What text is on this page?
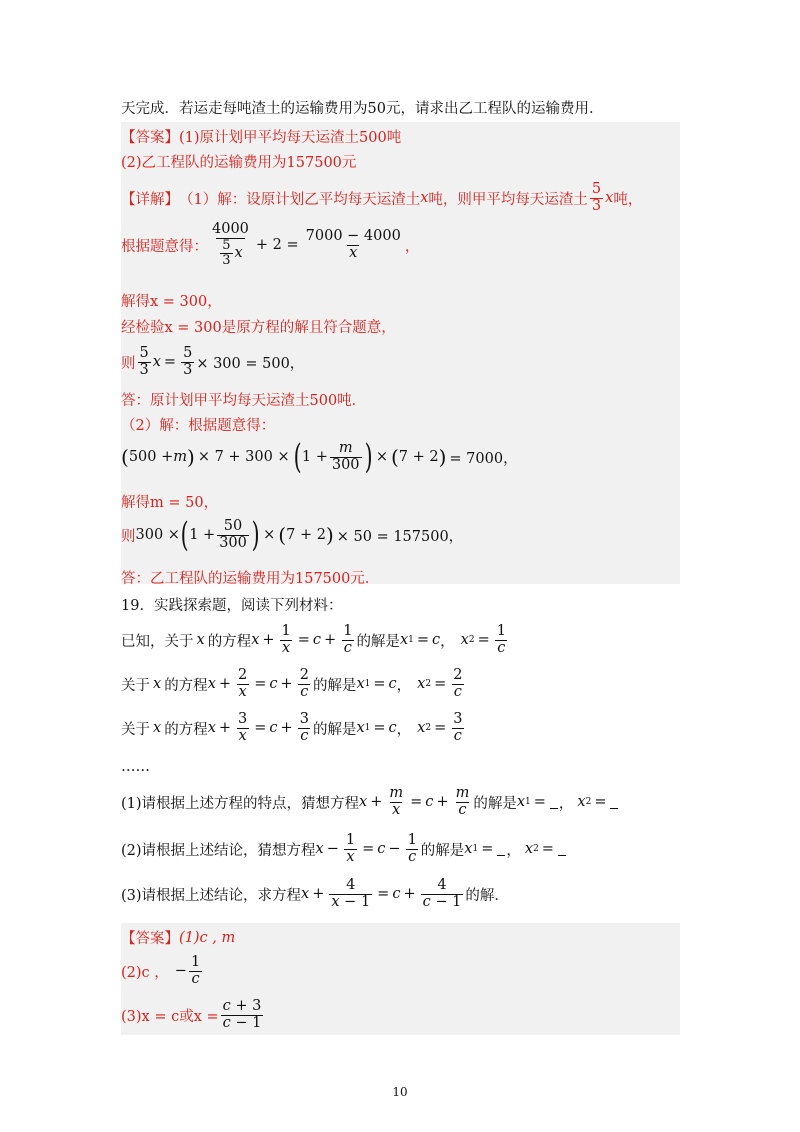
天完成．若运走每吨渣土的运输费用为50元，请求出乙工程队的运输费用．
【答案】 (1)原计划甲平均每天运渣土500吨
(2)乙工程队的运输费用为157500元
【详解】 （1）解：设原计划乙平均每天运渣土 x 吨，则甲平均每天运渣土 $\frac{5}{3}$ x 吨，
根据题意得： $\frac{4000}{\frac{5}{3} x} + 2 = \frac{7000 - 4000}{x}$ ，
解得 x = 300，
经检验x = 300是原方程的解且符合题意，
则 $\frac{5}{3}$ $x = \frac{5}{3} \times 300 = 500$，
答：原计划甲平均每天运渣土500吨．
（2）解：根据题意得：
( 500 + m ) × 7 + 300 × ( $1 + \frac{m}{300}$ ) × ( 7 + 2 ) = 7000，
解得m = 50，
则 300 × ( $1 + \frac{50}{300}$ ) × ( 7 + 2 ) × 50 = 157500，
答：乙工程队的运输费用为157500元．
19．实践探索题，阅读下列材料：
已知，关于 x 的方程 $x + \frac{1}{x} = c + \frac{1}{c}$ 的解是 x 1 = c ， x $2 = \frac{1}{c}$
关于 x 的方程 $x + \frac{2}{x} = c + \frac{2}{c}$ 的解是 x 1 = c ， x $2 = \frac{2}{c}$
关于 x 的方程 $x + \frac{3}{x} = c + \frac{3}{c}$ 的解是 x 1 = c ， x $2 = \frac{3}{c}$
……
(1)请根据上述方程的特点，猜想方程 $x + \frac{m}{x} = c + \frac{m}{c}$ 的解是 x 1 = ， x 2 =
(2)请根据上述结论，猜想方程 $x - \frac{1}{x} = c - \frac{1}{c}$ 的解是 x 1 = ， x 2 =
(3)请根据上述结论，求方程 $x + \frac{4}{x - 1} = c + \frac{4}{c - 1}$ 的解．
【答案】 (1)c , m
(2)c ， − $\frac{1}{c}$
(3)x = c或$x = \frac{c + 3}{c - 1}$
10
